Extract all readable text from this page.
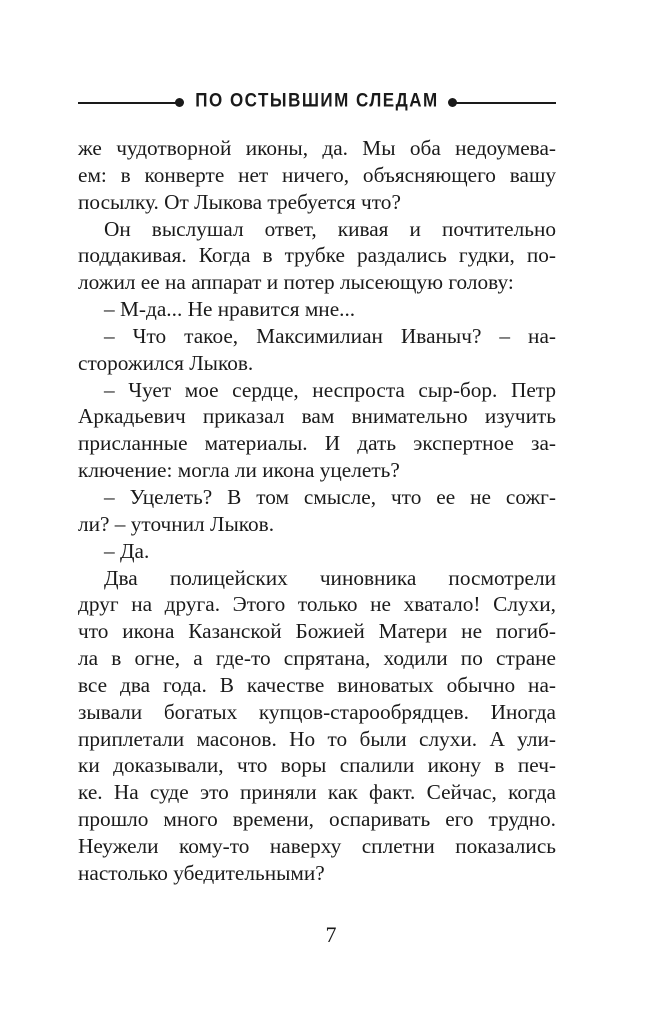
ПО ОСТЫВШИМ СЛЕДАМ
же чудотворной иконы, да. Мы оба недоумева-
ем: в конверте нет ничего, объясняющего вашу
посылку. От Лыкова требуется что?
Он выслушал ответ, кивая и почтительно
поддакивая. Когда в трубке раздались гудки, по-
ложил ее на аппарат и потер лысеющую голову:
– М-да... Не нравится мне...
– Что такое, Максимилиан Иваныч? – на-
сторожился Лыков.
– Чует мое сердце, неспроста сыр-бор. Петр
Аркадьевич приказал вам внимательно изучить
присланные материалы. И дать экспертное за-
ключение: могла ли икона уцелеть?
– Уцелеть? В том смысле, что ее не сожг-
ли? – уточнил Лыков.
– Да.
Два полицейских чиновника посмотрели
друг на друга. Этого только не хватало! Слухи,
что икона Казанской Божией Матери не погиб-
ла в огне, а где-то спрятана, ходили по стране
все два года. В качестве виноватых обычно на-
зывали богатых купцов-старообрядцев. Иногда
приплетали масонов. Но то были слухи. А ули-
ки доказывали, что воры спалили икону в печ-
ке. На суде это приняли как факт. Сейчас, когда
прошло много времени, оспаривать его трудно.
Неужели кому-то наверху сплетни показались
настолько убедительными?
7
